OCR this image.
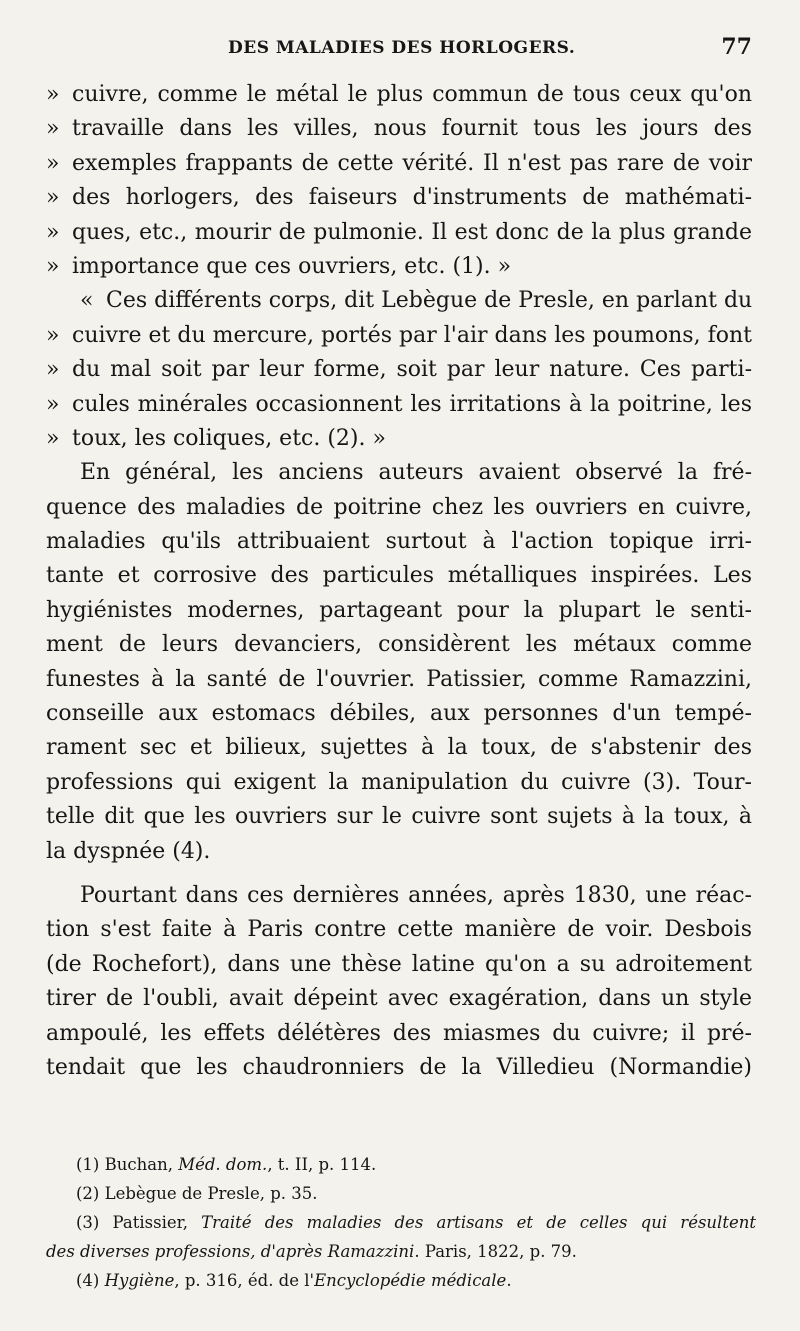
DES MALADIES DES HORLOGERS.	77
» cuivre, comme le métal le plus commun de tous ceux qu'on
» travaille dans les villes, nous fournit tous les jours des
» exemples frappants de cette vérité. Il n'est pas rare de voir
» des horlogers, des faiseurs d'instruments de mathémati-
» ques, etc., mourir de pulmonie. Il est donc de la plus grande
» importance que ces ouvriers, etc. (1). »
« Ces différents corps, dit Lebègue de Presle, en parlant du
» cuivre et du mercure, portés par l'air dans les poumons, font
» du mal soit par leur forme, soit par leur nature. Ces parti-
» cules minérales occasionnent les irritations à la poitrine, les
» toux, les coliques, etc. (2). »
En général, les anciens auteurs avaient observé la fré-
quence des maladies de poitrine chez les ouvriers en cuivre,
maladies qu'ils attribuaient surtout à l'action topique irri-
tante et corrosive des particules métalliques inspirées. Les
hygiénistes modernes, partageant pour la plupart le senti-
ment de leurs devanciers, considèrent les métaux comme
funestes à la santé de l'ouvrier. Patissier, comme Ramazzini,
conseille aux estomacs débiles, aux personnes d'un tempé-
rament sec et bilieux, sujettes à la toux, de s'abstenir des
professions qui exigent la manipulation du cuivre (3). Tour-
telle dit que les ouvriers sur le cuivre sont sujets à la toux, à
la dyspnée (4).
Pourtant dans ces dernières années, après 1830, une réac-
tion s'est faite à Paris contre cette manière de voir. Desbois
(de Rochefort), dans une thèse latine qu'on a su adroitement
tirer de l'oubli, avait dépeint avec exagération, dans un style
ampoulé, les effets délétères des miasmes du cuivre; il pré-
tendait que les chaudronniers de la Villedieu (Normandie)
(1) Buchan, Méd. dom., t. II, p. 114.
(2) Lebègue de Presle, p. 35.
(3) Patissier, Traité des maladies des artisans et de celles qui résultent
des diverses professions, d'après Ramazzini. Paris, 1822, p. 79.
(4) Hygiène, p. 316, éd. de l'Encyclopédie médicale.
